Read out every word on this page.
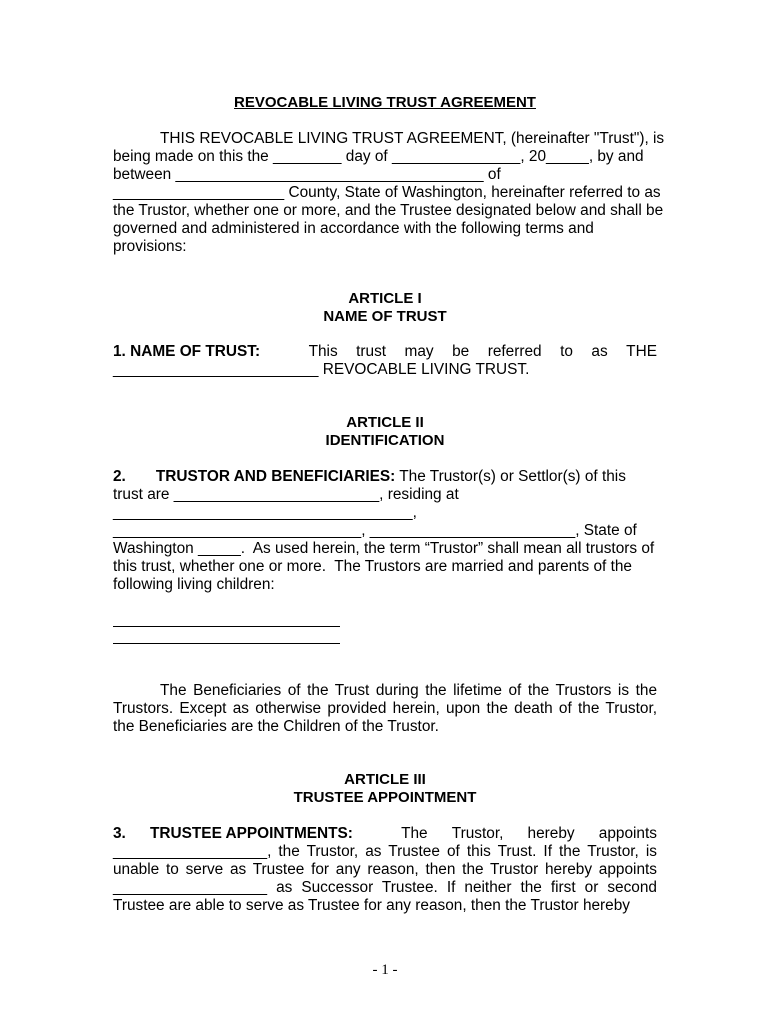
REVOCABLE LIVING TRUST AGREEMENT
THIS REVOCABLE LIVING TRUST AGREEMENT, (hereinafter "Trust"), is
being made on this the ________ day of _______________, 20_____, by and
between ____________________________________ of
____________________ County, State of Washington, hereinafter referred to as
the Trustor, whether one or more, and the Trustee designated below and shall be
governed and administered in accordance with the following terms and
provisions:
ARTICLE I
NAME OF TRUST
1. NAME OF TRUST:	This trust may be referred to as THE
________________________ REVOCABLE LIVING TRUST.
ARTICLE II
IDENTIFICATION
2. TRUSTOR AND BENEFICIARIES: The Trustor(s) or Settlor(s) of this
trust are ________________________, residing at
___________________________________,
_____________________________, ________________________, State of
Washington _____.  As used herein, the term “Trustor” shall mean all trustors of
this trust, whether one or more.  The Trustors are married and parents of the
following living children:

The Beneficiaries of the Trust during the lifetime of the Trustors is the Trustors. Except as otherwise provided herein, upon the death of the Trustor, the Beneficiaries are the Children of the Trustor.

ARTICLE III
TRUSTEE APPOINTMENT
3. TRUSTEE APPOINTMENTS:	The Trustor, hereby appoints

__________________, the Trustor, as Trustee of this Trust. If the Trustor, is unable to serve as Trustee for any reason, then the Trustor hereby appoints __________________ as Successor Trustee. If neither the first or second Trustee are able to serve as Trustee for any reason, then the Trustor hereby

- 1 -
